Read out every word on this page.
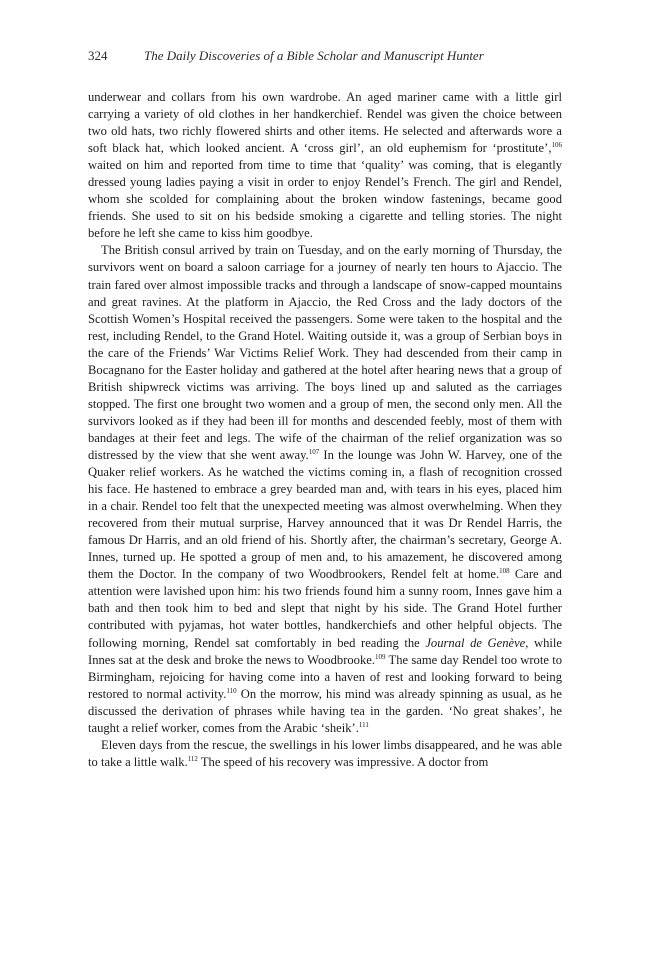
324	The Daily Discoveries of a Bible Scholar and Manuscript Hunter

underwear and collars from his own wardrobe. An aged mariner came with a little girl carrying a variety of old clothes in her handkerchief. Rendel was given the choice between two old hats, two richly flowered shirts and other items. He selected and afterwards wore a soft black hat, which looked ancient. A ‘cross girl’, an old euphemism for ‘prostitute’,$^{106}$ waited on him and reported from time to time that ‘quality’ was coming, that is elegantly dressed young ladies paying a visit in order to enjoy Rendel’s French. The girl and Rendel, whom she scolded for complaining about the broken window fastenings, became good friends. She used to sit on his bedside smoking a cigarette and telling stories. The night before he left she came to kiss him goodbye.

The British consul arrived by train on Tuesday, and on the early morning of Thursday, the survivors went on board a saloon carriage for a journey of nearly ten hours to Ajaccio. The train fared over almost impossible tracks and through a landscape of snow-capped mountains and great ravines. At the platform in Ajaccio, the Red Cross and the lady doctors of the Scottish Women’s Hospital received the passengers. Some were taken to the hospital and the rest, including Rendel, to the Grand Hotel. Waiting outside it, was a group of Serbian boys in the care of the Friends’ War Victims Relief Work. They had descended from their camp in Bocagnano for the Easter holiday and gathered at the hotel after hearing news that a group of British shipwreck victims was arriving. The boys lined up and saluted as the carriages stopped. The first one brought two women and a group of men, the second only men. All the survivors looked as if they had been ill for months and descended feebly, most of them with bandages at their feet and legs. The wife of the chairman of the relief organization was so distressed by the view that she went away.$^{107}$ In the lounge was John W. Harvey, one of the Quaker relief workers. As he watched the victims coming in, a flash of recognition crossed his face. He hastened to embrace a grey bearded man and, with tears in his eyes, placed him in a chair. Rendel too felt that the unexpected meeting was almost overwhelming. When they recovered from their mutual surprise, Harvey announced that it was Dr Rendel Harris, the famous Dr Harris, and an old friend of his. Shortly after, the chairman’s secretary, George A. Innes, turned up. He spotted a group of men and, to his amazement, he discovered among them the Doctor. In the company of two Woodbrookers, Rendel felt at home.$^{108}$ Care and attention were lavished upon him: his two friends found him a sunny room, Innes gave him a bath and then took him to bed and slept that night by his side. The Grand Hotel further contributed with pyjamas, hot water bottles, handkerchiefs and other helpful objects. The following morning, Rendel sat comfortably in bed reading the Journal de Genève, while Innes sat at the desk and broke the news to Woodbrooke.$^{109}$ The same day Rendel too wrote to Birmingham, rejoicing for having come into a haven of rest and looking forward to being restored to normal activity.$^{110}$ On the morrow, his mind was already spinning as usual, as he discussed the derivation of phrases while having tea in the garden. ‘No great shakes’, he taught a relief worker, comes from the Arabic ‘sheik’.$^{111}$

Eleven days from the rescue, the swellings in his lower limbs disappeared, and he was able to take a little walk.$^{112}$ The speed of his recovery was impressive. A doctor from
